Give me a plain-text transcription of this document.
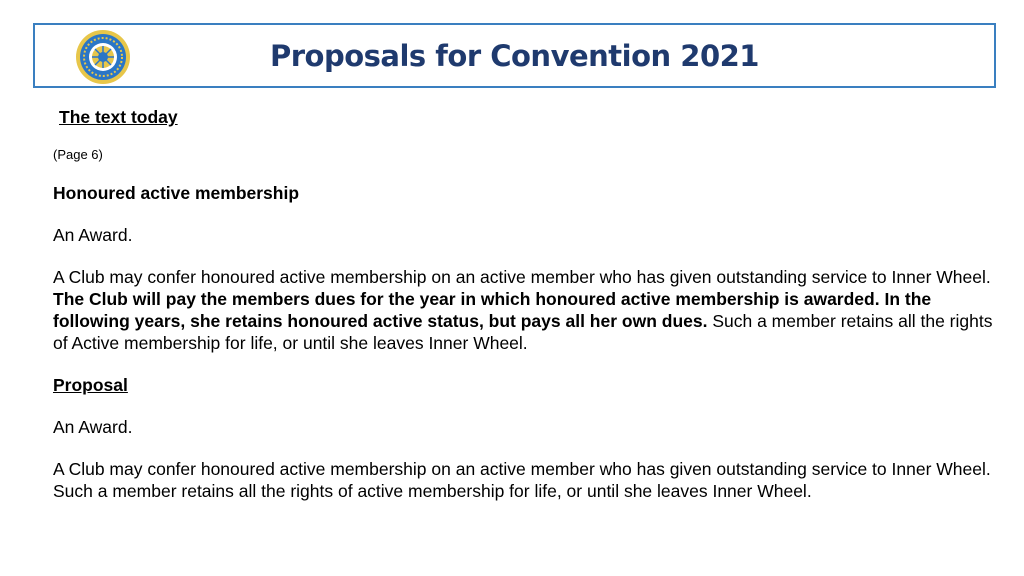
Proposals for Convention 2021

The text today

(Page 6)

Honoured active membership

An Award.

A Club may confer honoured active membership on an active member who has given outstanding service to Inner Wheel. The Club will pay the members dues for the year in which honoured active membership is awarded. In the following years, she retains honoured active status, but pays all her own dues. Such a member retains all the rights of Active membership for life, or until she leaves Inner Wheel.

Proposal

An Award.

A Club may confer honoured active membership on an active member who has given outstanding service to Inner Wheel. Such a member retains all the rights of active membership for life, or until she leaves Inner Wheel.
